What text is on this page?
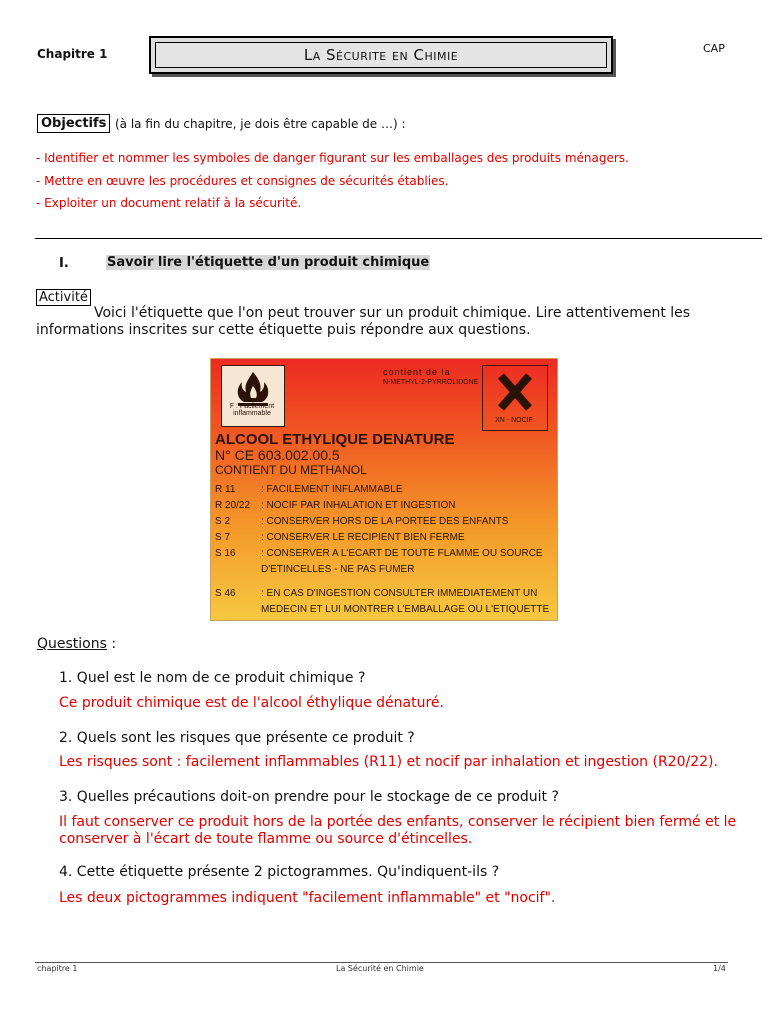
Chapitre 1	La Sécurite en Chimie	CAP
Objectifs (à la fin du chapitre, je dois être capable de …) :
- Identifier et nommer les symboles de danger figurant sur les emballages des produits ménagers.
- Mettre en œuvre les procédures et consignes de sécurités établies.
- Exploiter un document relatif à la sécurité.
I.	Savoir lire l'étiquette d'un produit chimique
Activité
Voici l'étiquette que l'on peut trouver sur un produit chimique. Lire attentivement les informations inscrites sur cette étiquette puis répondre aux questions.
F : Facilement inflammable
contient de la
N-METHYL-2-PYRROLIDONE
XN - NOCIF
ALCOOL ETHYLIQUE DENATURE
N° CE 603.002.00.5
CONTIENT DU METHANOL
R 11	: FACILEMENT INFLAMMABLE
R 20/22 : NOCIF PAR INHALATION ET INGESTION
S 2	: CONSERVER HORS DE LA PORTEE DES ENFANTS
S 7	: CONSERVER LE RECIPIENT BIEN FERME
S 16	: CONSERVER A L'ECART DE TOUTE FLAMME OU SOURCE
D'ETINCELLES - NE PAS FUMER
S 46	: EN CAS D'INGESTION CONSULTER IMMEDIATEMENT UN
MEDECIN ET LUI MONTRER L'EMBALLAGE OU L'ETIQUETTE
Questions :
1. Quel est le nom de ce produit chimique ?
Ce produit chimique est de l'alcool éthylique dénaturé.
2. Quels sont les risques que présente ce produit ?
Les risques sont : facilement inflammables (R11) et nocif par inhalation et ingestion (R20/22).
3. Quelles précautions doit-on prendre pour le stockage de ce produit ?
Il faut conserver ce produit hors de la portée des enfants, conserver le récipient bien fermé et le conserver à l'écart de toute flamme ou source d'étincelles.
4. Cette étiquette présente 2 pictogrammes. Qu'indiquent-ils ?
Les deux pictogrammes indiquent "facilement inflammable" et "nocif".
chapitre 1	La Sécurité en Chimie	1/4
